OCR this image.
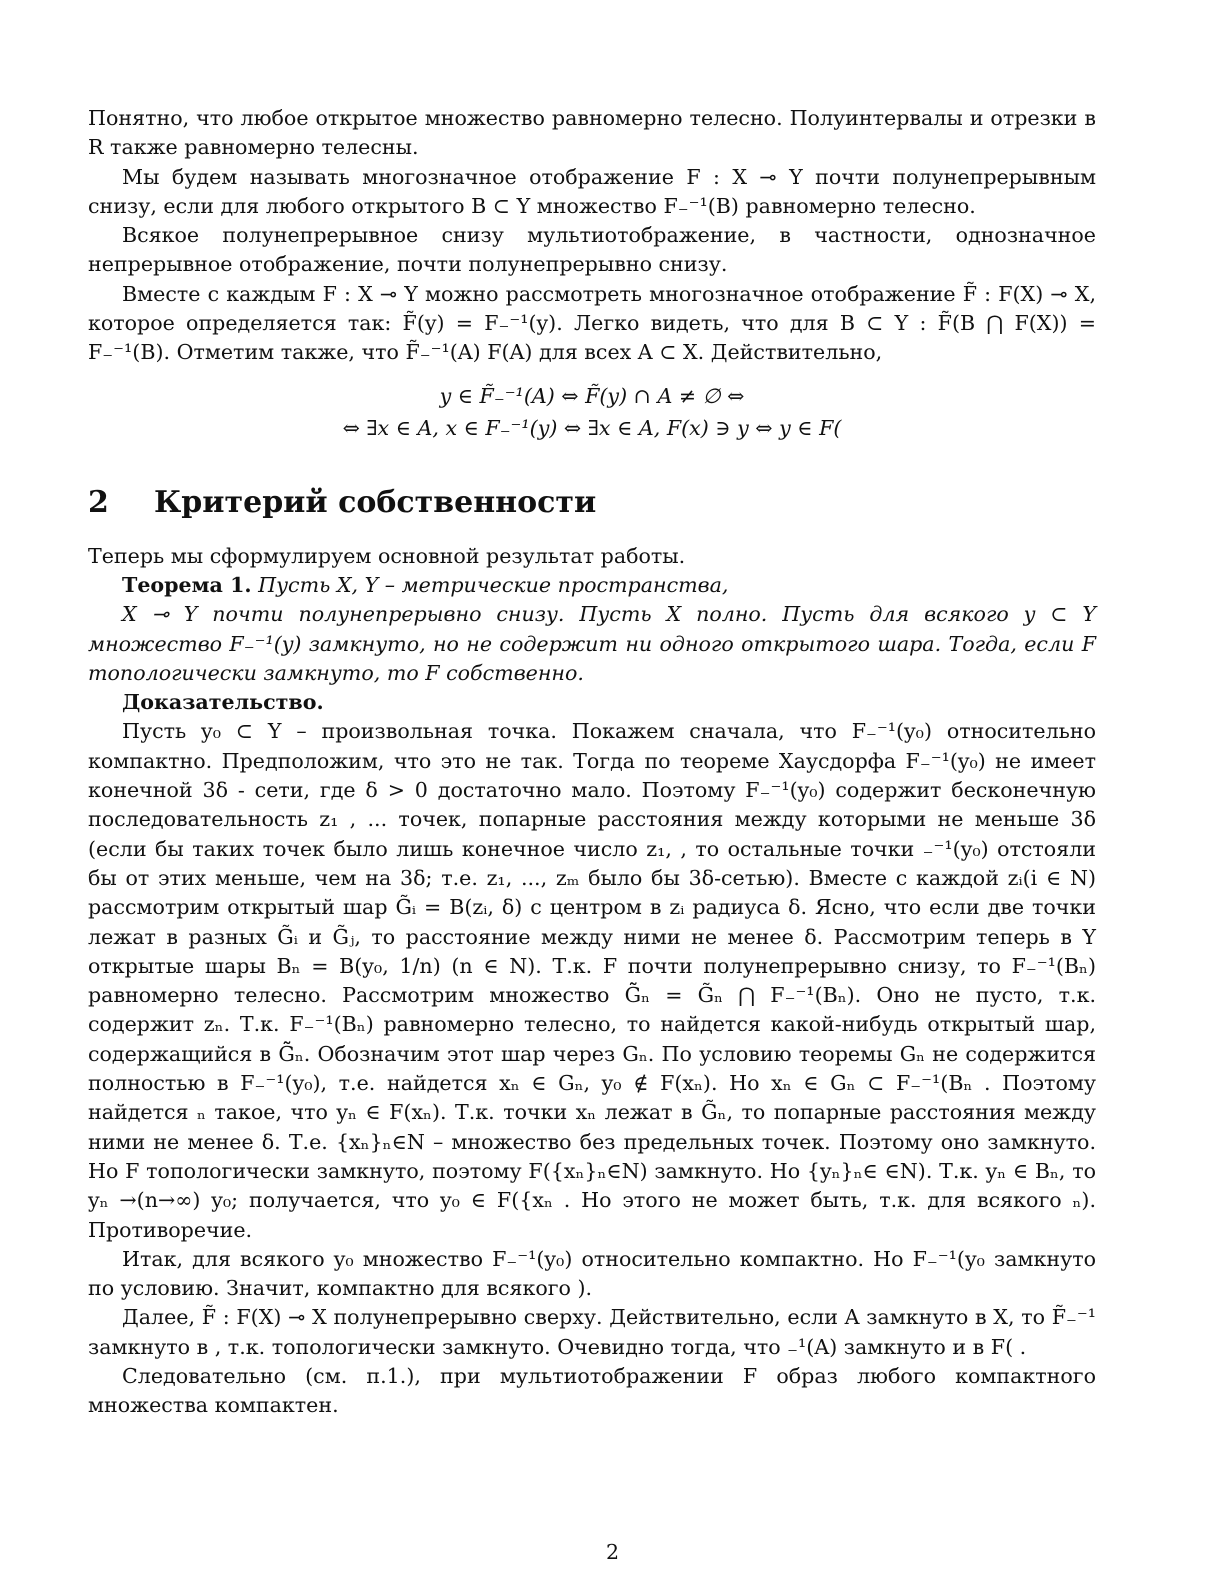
Понятно, что любое открытое множество равномерно телесно. Полуинтервалы и отрезки в R также равномерно телесны.

Мы будем называть многозначное отображение F : X ⊸ Y почти полунепрерывным снизу, если для любого открытого B ⊂ Y множество F₋⁻¹(B) равномерно телесно.

Всякое полунепрерывное снизу мультиотображение, в частности, однозначное непрерывное отображение, почти полунепрерывно снизу.

Вместе с каждым F : X ⊸ Y можно рассмотреть многозначное отображение F̃ : F(X) ⊸ X, которое определяется так: F̃(y) = F₋⁻¹(y). Легко видеть, что для B ⊂ Y : F̃(B ⋂ F(X)) = F₋⁻¹(B). Отметим также, что F̃₋⁻¹(A) F(A) для всех A ⊂ X. Действительно,

y ∈ F̃₋⁻¹(A) ⇔ F̃(y) ∩ A ≠ ∅ ⇔
⇔ ∃x ∈ A, x ∈ F₋⁻¹(y) ⇔ ∃x ∈ A, F(x) ∋ y ⇔ y ∈ F(
2 Критерий собственности

Теперь мы сформулируем основной результат работы.

Теорема 1. Пусть X, Y – метрические пространства,

X ⊸ Y почти полунепрерывно снизу. Пусть X полно. Пусть для всякого y ⊂ Y множество F₋⁻¹(y) замкнуто, но не содержит ни одного открытого шара. Тогда, если F топологически замкнуто, то F собственно.

Доказательство.

Пусть y₀ ⊂ Y – произвольная точка. Покажем сначала, что F₋⁻¹(y₀) относительно компактно. Предположим, что это не так. Тогда по теореме Хаусдорфа F₋⁻¹(y₀) не имеет конечной 3δ - сети, где δ > 0 достаточно мало. Поэтому F₋⁻¹(y₀) содержит бесконечную последовательность z₁ , ... точек, попарные расстояния между которыми не меньше 3δ (если бы таких точек было лишь конечное число z₁, , то остальные точки ₋⁻¹(y₀) отстояли бы от этих меньше, чем на 3δ; т.е. z₁, ..., zₘ было бы 3δ-сетью). Вместе с каждой zᵢ(i ∈ N) рассмотрим открытый шар G̃ᵢ = B(zᵢ, δ) с центром в zᵢ радиуса δ. Ясно, что если две точки лежат в разных G̃ᵢ и G̃ⱼ, то расстояние между ними не менее δ. Рассмотрим теперь в Y открытые шары Bₙ = B(y₀, 1/n) (n ∈ N). Т.к. F почти полунепрерывно снизу, то F₋⁻¹(Bₙ) равномерно телесно. Рассмотрим множество G̃̃ₙ = G̃ₙ ⋂ F₋⁻¹(Bₙ). Оно не пусто, т.к. содержит zₙ. Т.к. F₋⁻¹(Bₙ) равномерно телесно, то найдется какой-нибудь открытый шар, содержащийся в G̃̃ₙ. Обозначим этот шар через Gₙ. По условию теоремы Gₙ не содержится полностью в F₋⁻¹(y₀), т.е. найдется xₙ ∈ Gₙ, y₀ ∉ F(xₙ). Но xₙ ∈ Gₙ ⊂ F₋⁻¹(Bₙ . Поэтому найдется ₙ такое, что yₙ ∈ F(xₙ). Т.к. точки xₙ лежат в G̃ₙ, то попарные расстояния между ними не менее δ. Т.е. {xₙ}ₙ∈N – множество без предельных точек. Поэтому оно замкнуто. Но F топологически замкнуто, поэтому F({xₙ}ₙ∈N) замкнуто. Но {yₙ}ₙ∈ ∈N). Т.к. yₙ ∈ Bₙ, то yₙ →(n→∞) y₀; получается, что y₀ ∈ F({xₙ . Но этого не может быть, т.к. для всякого ₙ). Противоречие.

Итак, для всякого y₀ множество F₋⁻¹(y₀) относительно компактно. Но F₋⁻¹(y₀ замкнуто по условию. Значит, компактно для всякого ).

Далее, F̃ : F(X) ⊸ X полунепрерывно сверху. Действительно, если A замкнуто в X, то F̃₋⁻¹ замкнуто в , т.к. топологически замкнуто. Очевидно тогда, что ₋¹(A) замкнуто и в F( .

Следовательно (см. п.1.), при мультиотображении F образ любого компактного множества компактен.

2
